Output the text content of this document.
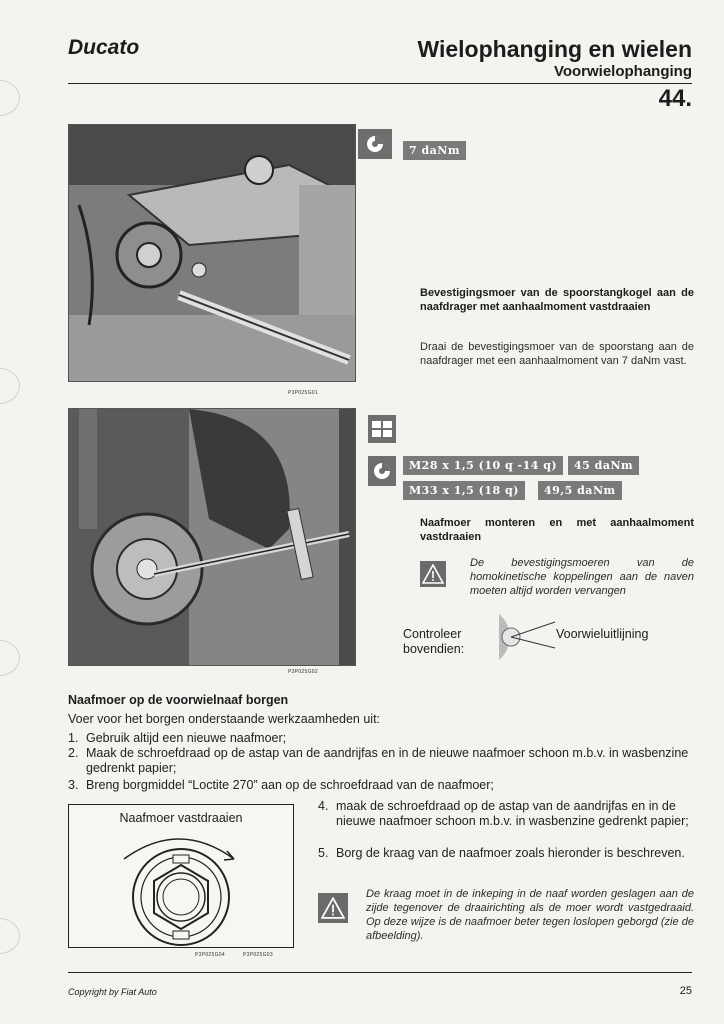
Ducato	Wielophanging en wielen
Voorwielophanging
44.
P3P025G01
7 daNm
Bevestigingsmoer van de spoorstangkogel aan de naafdrager met aanhaalmoment vastdraaien
Draai de bevestigingsmoer van de spoorstang aan de naafdrager met een aanhaalmoment van 7 daNm vast.
P3P025G02
M28 x 1,5 (10 q -14 q)	45 daNm
M33 x 1,5 (18 q)	49,5 daNm
Naafmoer monteren en met aanhaalmoment vastdraaien
De bevestigingsmoeren van de homokinetische koppelingen aan de naven moeten altijd worden vervangen
Controleer bovendien:
Voorwieluitlijning
Naafmoer op de voorwielnaaf borgen
Voer voor het borgen onderstaande werkzaamheden uit:
1. Gebruik altijd een nieuwe naafmoer;
2. Maak de schroefdraad op de astap van de aandrijfas en in de nieuwe naafmoer schoon m.b.v. in wasbenzine gedrenkt papier;
3. Breng borgmiddel “Loctite 270” aan op de schroefdraad van de naafmoer;
4. maak de schroefdraad op de astap van de aandrijfas en in de nieuwe naafmoer schoon m.b.v. in wasbenzine gedrenkt papier;
5. Borg de kraag van de naafmoer zoals hieronder is beschreven.
Naafmoer vastdraaien
P3P025G04	P3P025G03
De kraag moet in de inkeping in de naaf worden geslagen aan de zijde tegenover de draairichting als de moer wordt vastgedraaid. Op deze wijze is de naafmoer beter tegen loslopen geborgd (zie de afbeelding).
Copyright by Fiat Auto	25
